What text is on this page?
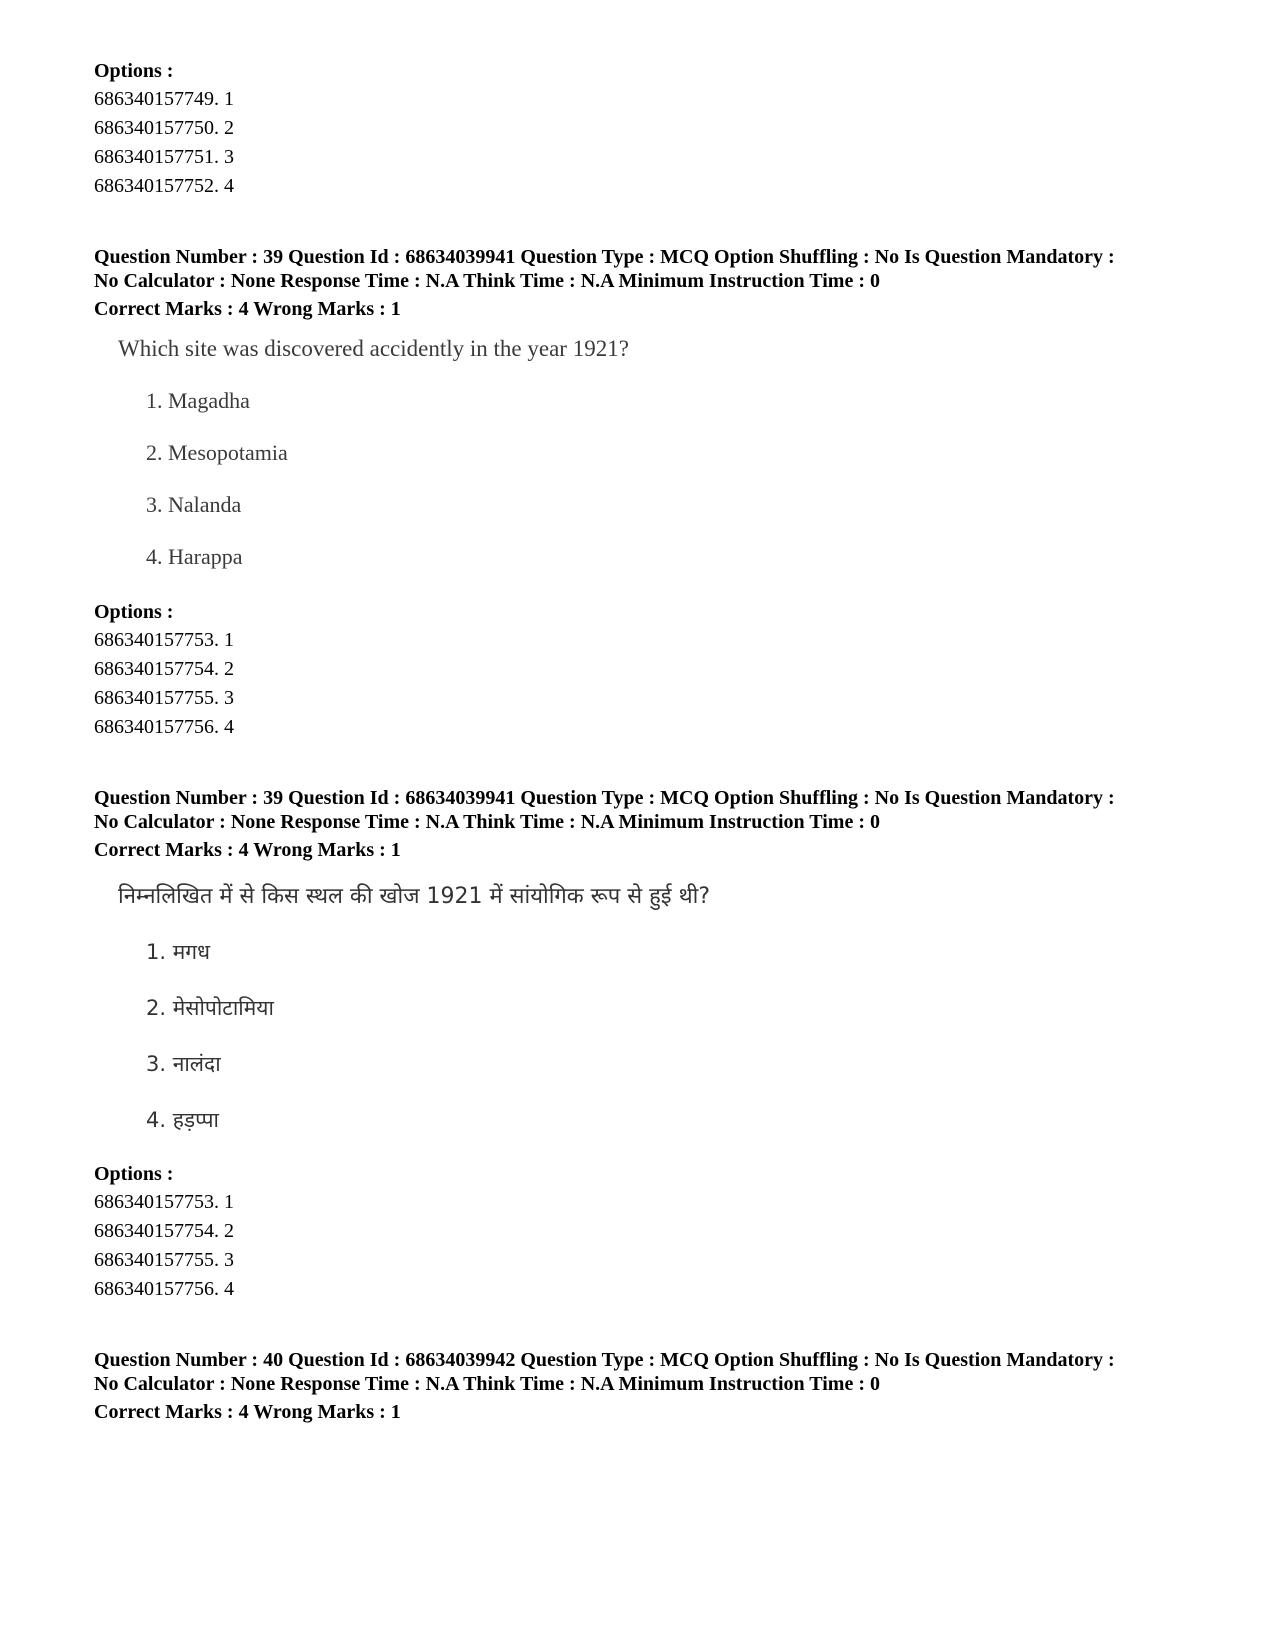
Options :

686340157749. 1

686340157750. 2

686340157751. 3

686340157752. 4

Question Number : 39 Question Id : 68634039941 Question Type : MCQ Option Shuffling : No Is Question Mandatory :

No Calculator : None Response Time : N.A Think Time : N.A Minimum Instruction Time : 0

Correct Marks : 4 Wrong Marks : 1

Which site was discovered accidently in the year 1921?

1. Magadha

2. Mesopotamia

3. Nalanda

4. Harappa

Options :

686340157753. 1

686340157754. 2

686340157755. 3

686340157756. 4

Question Number : 39 Question Id : 68634039941 Question Type : MCQ Option Shuffling : No Is Question Mandatory :

No Calculator : None Response Time : N.A Think Time : N.A Minimum Instruction Time : 0

Correct Marks : 4 Wrong Marks : 1

निम्नलिखित में से किस स्थल की खोज 1921 में सांयोगिक रूप से हुई थी?

1. मगध

2. मेसोपोटामिया

3. नालंदा

4. हड़प्पा

Options :

686340157753. 1

686340157754. 2

686340157755. 3

686340157756. 4

Question Number : 40 Question Id : 68634039942 Question Type : MCQ Option Shuffling : No Is Question Mandatory :

No Calculator : None Response Time : N.A Think Time : N.A Minimum Instruction Time : 0

Correct Marks : 4 Wrong Marks : 1
